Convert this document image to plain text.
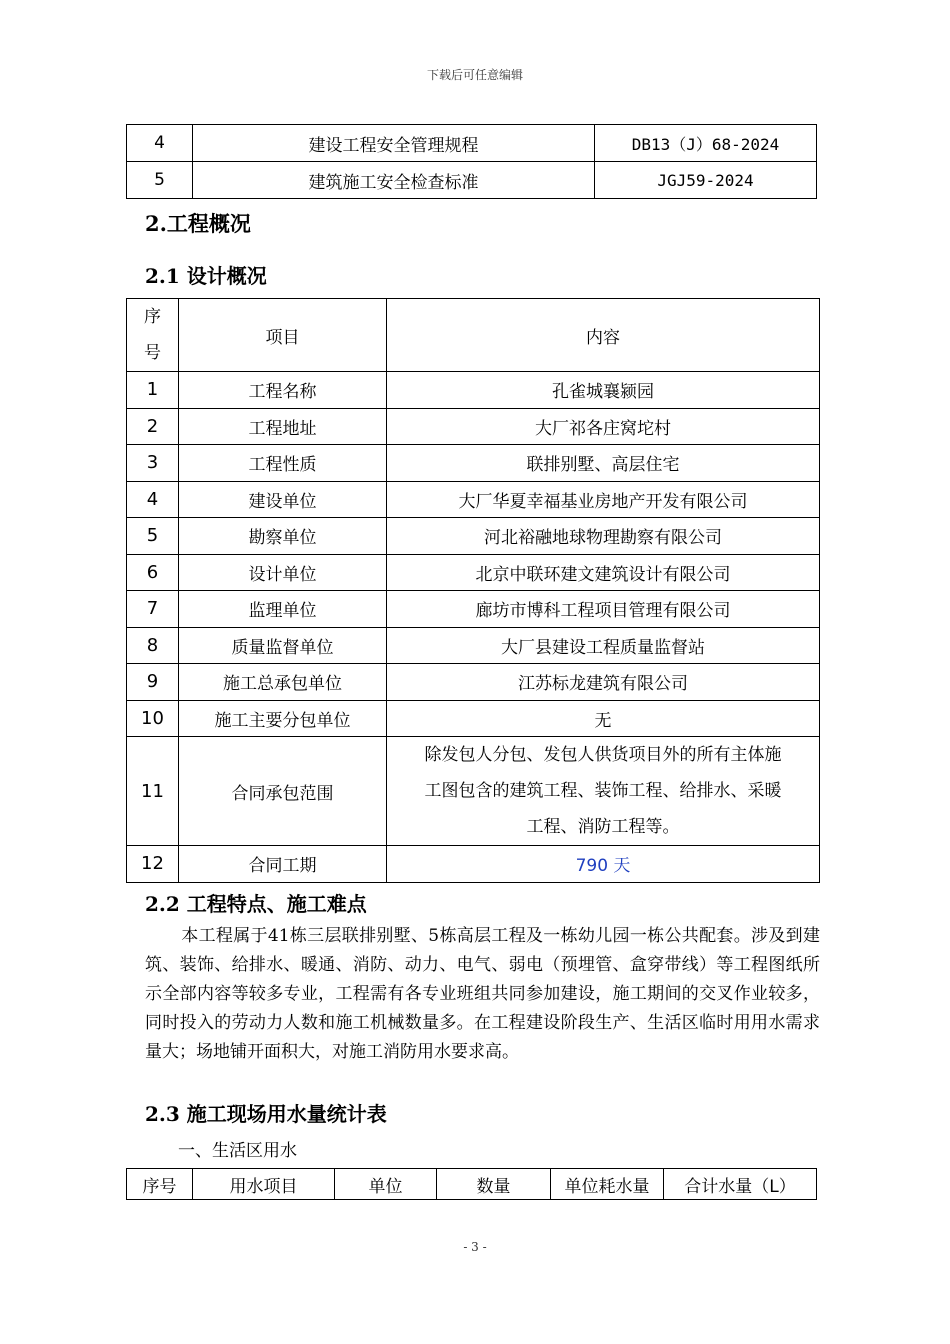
下载后可任意编辑
4	建设工程安全管理规程	DB13（J）68-2024
5	建筑施工安全检查标准	JGJ59-2024
2.工程概况
2.1 设计概况
序
号	项目	内容
1	工程名称	孔雀城襄颍园
2	工程地址	大厂祁各庄窝坨村
3	工程性质	联排别墅、高层住宅
4	建设单位	大厂华夏幸福基业房地产开发有限公司
5	勘察单位	河北裕融地球物理勘察有限公司
6	设计单位	北京中联环建文建筑设计有限公司
7	监理单位	廊坊市博科工程项目管理有限公司
8	质量监督单位	大厂县建设工程质量监督站
9	施工总承包单位	江苏标龙建筑有限公司
10	施工主要分包单位	无
11	合同承包范围	除发包人分包、发包人供货项目外的所有主体施
工图包含的建筑工程、装饰工程、给排水、采暖
工程、消防工程等。
12	合同工期	790 天
2.2 工程特点、施工难点

本工程属于41栋三层联排别墅、5栋高层工程及一栋幼儿园一栋公共配套。涉及到建筑、装饰、给排水、暖通、消防、动力、电气、弱电（预埋管、盒穿带线）等工程图纸所示全部内容等较多专业，工程需有各专业班组共同参加建设，施工期间的交叉作业较多，同时投入的劳动力人数和施工机械数量多。在工程建设阶段生产、生活区临时用用水需求量大；场地铺开面积大，对施工消防用水要求高。

2.3 施工现场用水量统计表
一、生活区用水
序号	用水项目	单位	数量	单位耗水量	合计水量（L）
- 3 -
